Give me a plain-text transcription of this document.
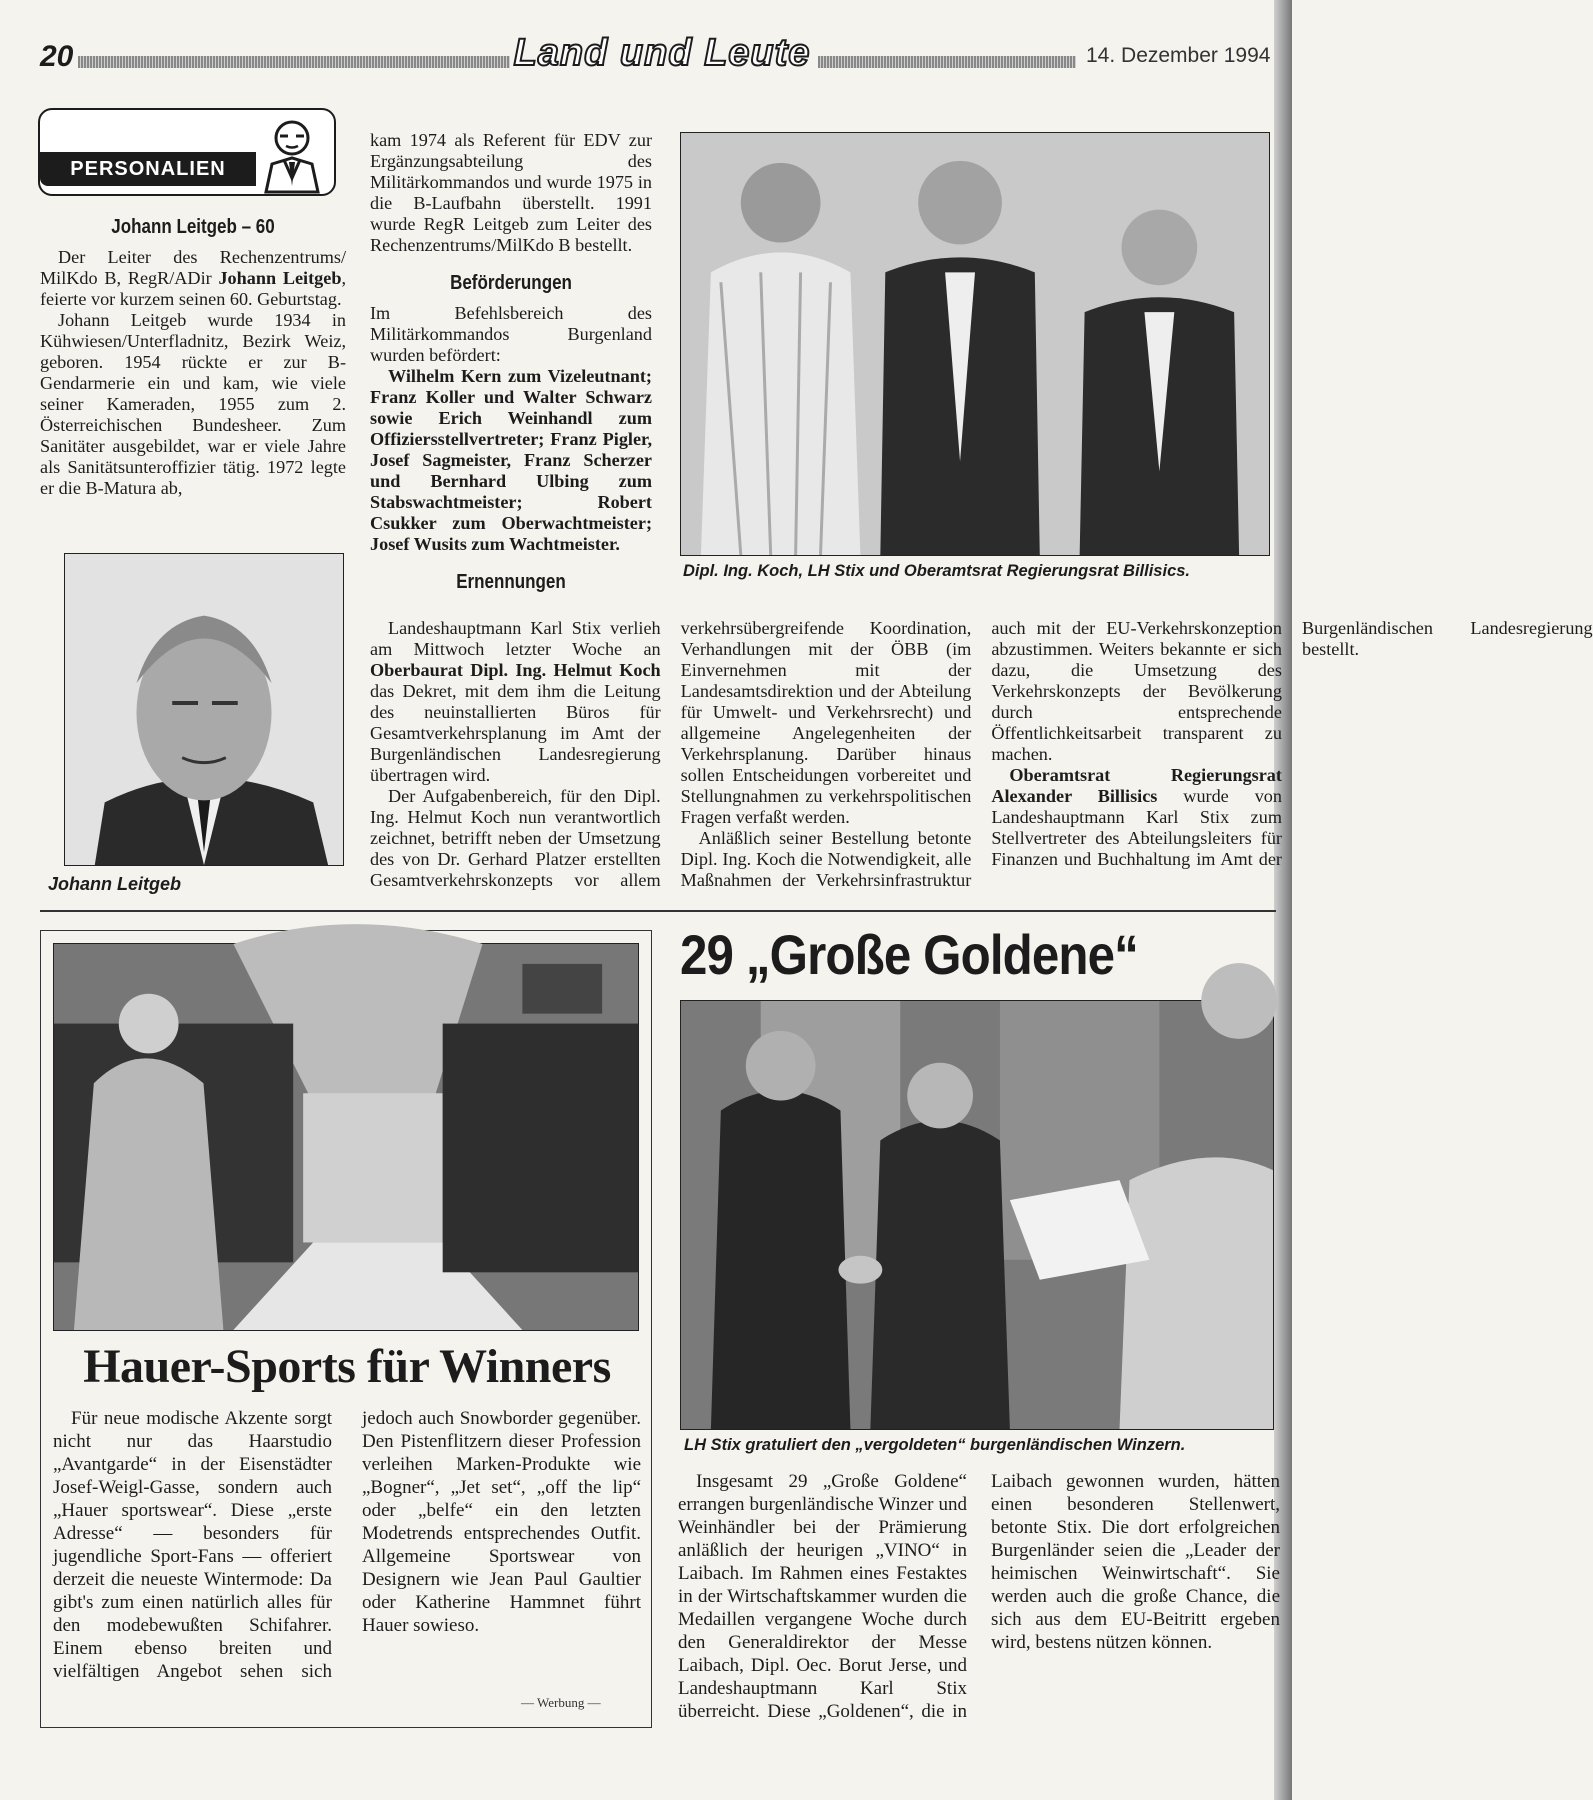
20	Land und Leute	14. Dezember 1994
PERSONALIEN
Johann Leitgeb – 60

Der Leiter des Rechenzentrums/ MilKdo B, RegR/ADir Johann Leitgeb, feierte vor kurzem seinen 60. Geburtstag.

Johann Leitgeb wurde 1934 in Kühwiesen/Unterfladnitz, Bezirk Weiz, geboren. 1954 rückte er zur B-Gendarmerie ein und kam, wie viele seiner Kameraden, 1955 zum 2. Österreichischen Bundesheer. Zum Sanitäter ausgebildet, war er viele Jahre als Sanitätsunteroffizier tätig. 1972 legte er die B-Matura ab,

Johann Leitgeb

kam 1974 als Referent für EDV zur Ergänzungsabteilung des Militärkommandos und wurde 1975 in die B-Laufbahn überstellt. 1991 wurde RegR Leitgeb zum Leiter des Rechenzentrums/MilKdo B bestellt.

Beförderungen

Im Befehlsbereich des Militärkommandos Burgenland wurden befördert:

Wilhelm Kern zum Vizeleutnant; Franz Koller und Walter Schwarz sowie Erich Weinhandl zum Offiziersstellvertreter; Franz Pigler, Josef Sagmeister, Franz Scherzer und Bernhard Ulbing zum Stabswachtmeister; Robert Csukker zum Oberwachtmeister; Josef Wusits zum Wachtmeister.

Ernennungen

Landeshauptmann Karl Stix verlieh am Mittwoch letzter Woche an Oberbaurat Dipl. Ing. Helmut Koch das Dekret, mit dem ihm die Leitung des neuinstallierten Büros für Gesamtverkehrsplanung im Amt der Burgenländischen Landesregierung übertragen wird.

Der Aufgabenbereich, für den Dipl. Ing. Helmut Koch nun verantwortlich zeichnet, betrifft neben der Umsetzung des von Dr. Gerhard Platzer erstellten Gesamtverkehrskonzepts vor allem verkehrsübergreifende Koordination, Verhandlungen mit der ÖBB (im Einvernehmen mit der Landesamtsdirektion und der Abteilung für Umwelt- und Verkehrsrecht) und allgemeine Angelegenheiten der Verkehrsplanung. Darüber hinaus sollen Entscheidungen vorbereitet und Stellungnahmen zu verkehrspolitischen Fragen verfaßt werden.

Anläßlich seiner Bestellung betonte Dipl. Ing. Koch die Notwendigkeit, alle Maßnahmen der Verkehrsinfrastruktur auch mit der EU-Verkehrskonzeption abzustimmen. Weiters bekannte er sich dazu, die Umsetzung des Verkehrskonzepts der Bevölkerung durch entsprechende Öffentlichkeitsarbeit transparent zu machen.

Oberamtsrat Regierungsrat Alexander Billisics wurde von Landeshauptmann Karl Stix zum Stellvertreter des Abteilungsleiters für Finanzen und Buchhaltung im Amt der Burgenländischen Landesregierung bestellt.

Dipl. Ing. Koch, LH Stix und Oberamtsrat Regierungsrat Billisics.
Hauer-Sports für Winners

Für neue modische Akzente sorgt nicht nur das Haarstudio „Avantgarde“ in der Eisenstädter Josef-Weigl-Gasse, sondern auch „Hauer sportswear“. Diese „erste Adresse“ — besonders für jugendliche Sport-Fans — offeriert derzeit die neueste Wintermode: Da gibt's zum einen natürlich alles für den modebewußten Schifahrer. Einem ebenso breiten und vielfältigen Angebot sehen sich jedoch auch Snowborder gegenüber. Den Pistenflitzern dieser Profession verleihen Marken-Produkte wie „Bogner“, „Jet set“, „off the lip“ oder „belfe“ ein den letzten Modetrends entsprechendes Outfit. Allgemeine Sportswear von Designern wie Jean Paul Gaultier oder Katherine Hammnet führt Hauer sowieso.

— Werbung —
29 „Große Goldene“
LH Stix gratuliert den „vergoldeten“ burgenländischen Winzern.

Insgesamt 29 „Große Goldene“ errangen burgenländische Winzer und Weinhändler bei der Prämierung anläßlich der heurigen „VINO“ in Laibach. Im Rahmen eines Festaktes in der Wirtschaftskammer wurden die Medaillen vergangene Woche durch den Generaldirektor der Messe Laibach, Dipl. Oec. Borut Jerse, und Landeshauptmann Karl Stix überreicht. Diese „Goldenen“, die in Laibach gewonnen wurden, hätten einen besonderen Stellenwert, betonte Stix. Die dort erfolgreichen Burgenländer seien die „Leader der heimischen Weinwirtschaft“. Sie werden auch die große Chance, die sich aus dem EU-Beitritt ergeben wird, bestens nützen können.
